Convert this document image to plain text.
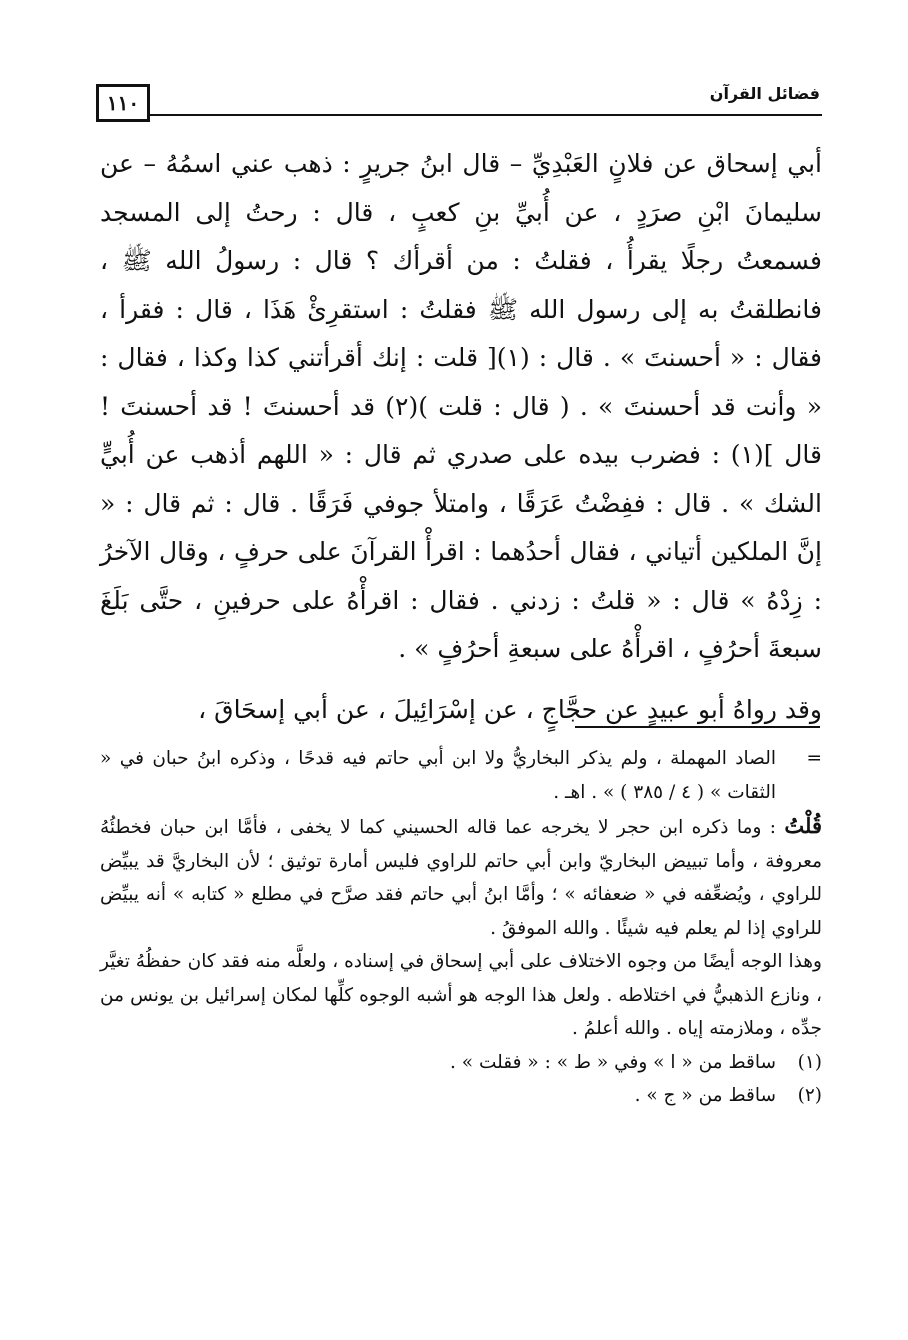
١١٠	فضائل القرآن

أبي إسحاق عن فلانٍ العَبْدِيِّ – قال ابنُ جريرٍ : ذهب عني اسمُهُ – عن سليمانَ ابْنِ صرَدٍ ، عن أُبيِّ بنِ كعبٍ ، قال : رحتُ إلى المسجد فسمعتُ رجلًا يقرأُ ، فقلتُ : من أقرأك ؟ قال : رسولُ الله ﷺ ، فانطلقتُ به إلى رسول الله ﷺ فقلتُ : استقرِئْ هَذَا ، قال : فقرأ ، فقال : « أحسنتَ » . قال : (١)[ قلت : إنك أقرأتني كذا وكذا ، فقال : « وأنت قد أحسنتَ » . ( قال : قلت )(٢) قد أحسنتَ ! قد أحسنتَ ! قال ](١) : فضرب بيده على صدري ثم قال : « اللهم أذهب عن أُبيٍّ الشك » . قال : ففِضْتُ عَرَقًا ، وامتلأ جوفي فَرَقًا . قال : ثم قال : « إنَّ الملكين أتياني ، فقال أحدُهما : اقرأْ القرآنَ على حرفٍ ، وقال الآخرُ : زِدْهُ » قال : « قلتُ : زدني . فقال : اقرأْهُ على حرفينِ ، حتَّى بَلَغَ سبعةَ أحرُفٍ ، اقرأْهُ على سبعةِ أحرُفٍ » .

وقد رواهُ أبو عبيدٍ عن حجَّاجٍ ، عن إسْرَائِيلَ ، عن أبي إسحَاقَ ،

=
الصاد المهملة ، ولم يذكر البخاريُّ ولا ابن أبي حاتم فيه قدحًا ، وذكره ابنُ حبان في « الثقات » ( ٤ / ٣٨٥ ) » . اهـ .

قُلْتُ : وما ذكره ابن حجر لا يخرجه عما قاله الحسيني كما لا يخفى ، فأمَّا ابن حبان فخطئُهُ معروفة ، وأما تبييض البخاريّ وابن أبي حاتم للراوي فليس أمارة توثيق ؛ لأن البخاريَّ قد يبيِّض للراوي ، ويُضعِّفه في « ضعفائه » ؛ وأمَّا ابنُ أبي حاتم فقد صرَّح في مطلع « كتابه » أنه يبيِّض للراوي إذا لم يعلم فيه شيئًا . والله الموفقُ .

وهذا الوجه أيضًا من وجوه الاختلاف على أبي إسحاق في إسناده ، ولعلَّه منه فقد كان حفظُهُ تغيَّر ، ونازع الذهبيُّ في اختلاطه . ولعل هذا الوجه هو أشبه الوجوه كلِّها لمكان إسرائيل بن يونس من جدِّه ، وملازمته إياه . والله أعلمُ .

(١)
ساقط من « ا » وفي « ط » : « فقلت » .

(٢)
ساقط من « ج » .
